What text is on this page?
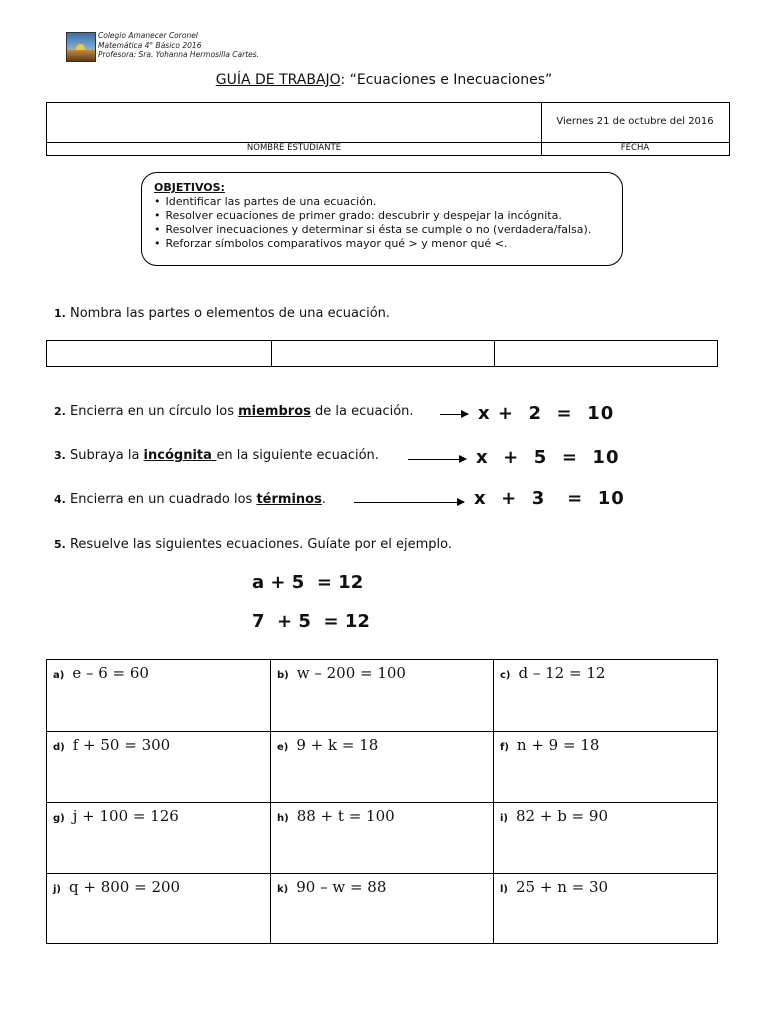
Colegio Amanecer Coronel
Matemática 4° Básico 2016
Profesora: Sra. Yohanna Hermosilla Cartes.
GUÍA DE TRABAJO: “Ecuaciones e Inecuaciones”
Viernes 21 de octubre del 2016
NOMBRE ESTUDIANTE	FECHA
OBJETIVOS:
• Identificar las partes de una ecuación.
• Resolver ecuaciones de primer grado: descubrir y despejar la incógnita.
• Resolver inecuaciones y determinar si ésta se cumple o no (verdadera/falsa).
• Reforzar símbolos comparativos mayor qué > y menor qué <.
1. Nombra las partes o elementos de una ecuación.
2. Encierra en un círculo los miembros de la ecuación.	x +  2  =  10
3. Subraya la incógnita en la siguiente ecuación.	x  +  5  =  10
4. Encierra en un cuadrado los términos.	x  +  3   =  10
5. Resuelve las siguientes ecuaciones. Guíate por el ejemplo.
a + 5  = 12
7  + 5  = 12
a) e – 6 = 60	b) w – 200 = 100	c) d – 12 = 12
d) f + 50 = 300	e) 9 + k = 18	f) n + 9 = 18
g) j + 100 = 126	h) 88 + t = 100	i) 82 + b = 90
j) q + 800 = 200	k) 90 – w = 88	l) 25 + n = 30
